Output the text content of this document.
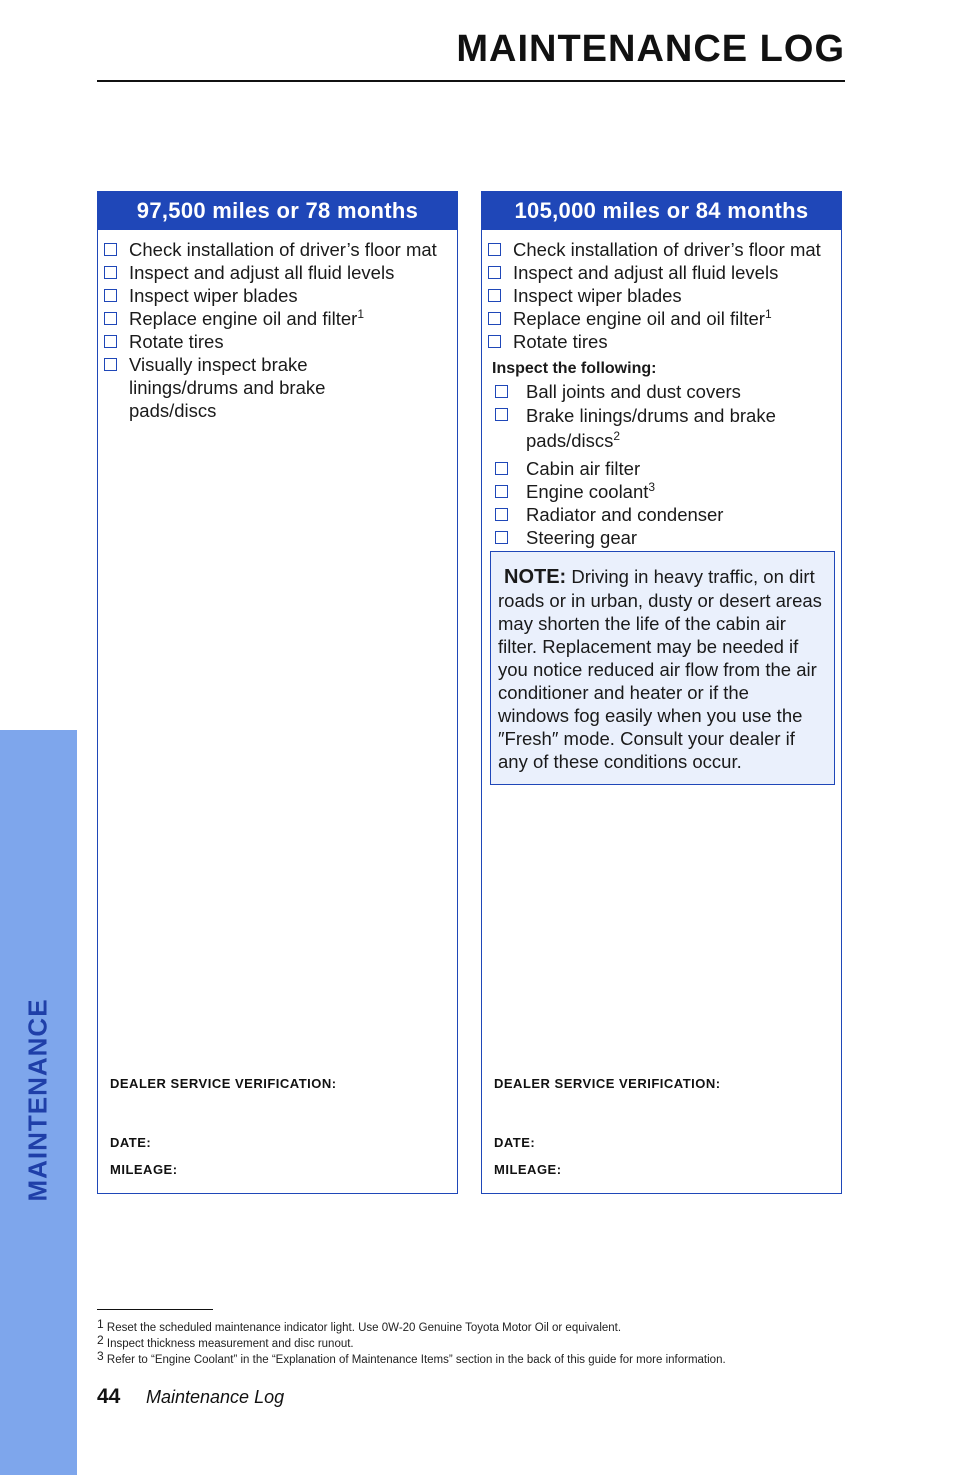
MAINTENANCE
MAINTENANCE LOG
97,500 miles or 78 months
Check installation of driver’s floor mat
Inspect and adjust all fluid levels
Inspect wiper blades
Replace engine oil and filter$^1$
Rotate tires
Visually inspect brake linings/drums and brake pads/discs
DEALER SERVICE VERIFICATION:
DATE:
MILEAGE:
105,000 miles or 84 months
Check installation of driver’s floor mat
Inspect and adjust all fluid levels
Inspect wiper blades
Replace engine oil and oil filter$^1$
Rotate tires
Inspect the following:
Ball joints and dust covers
Brake linings/drums and brake pads/discs$^2$
Cabin air filter
Engine coolant$^3$
Radiator and condenser
Steering gear
NOTE: Driving in heavy traffic, on dirt roads or in urban, dusty or desert areas may shorten the life of the cabin air filter. Replacement may be needed if you notice reduced air flow from the air conditioner and heater or if the windows fog easily when you use the ″Fresh″ mode. Consult your dealer if any of these conditions occur.
DEALER SERVICE VERIFICATION:
DATE:
MILEAGE:
1 Reset the scheduled maintenance indicator light. Use 0W-20 Genuine Toyota Motor Oil or equivalent.
2 Inspect thickness measurement and disc runout.
3 Refer to “Engine Coolant” in the “Explanation of Maintenance Items” section in the back of this guide for more information.
44 Maintenance Log
